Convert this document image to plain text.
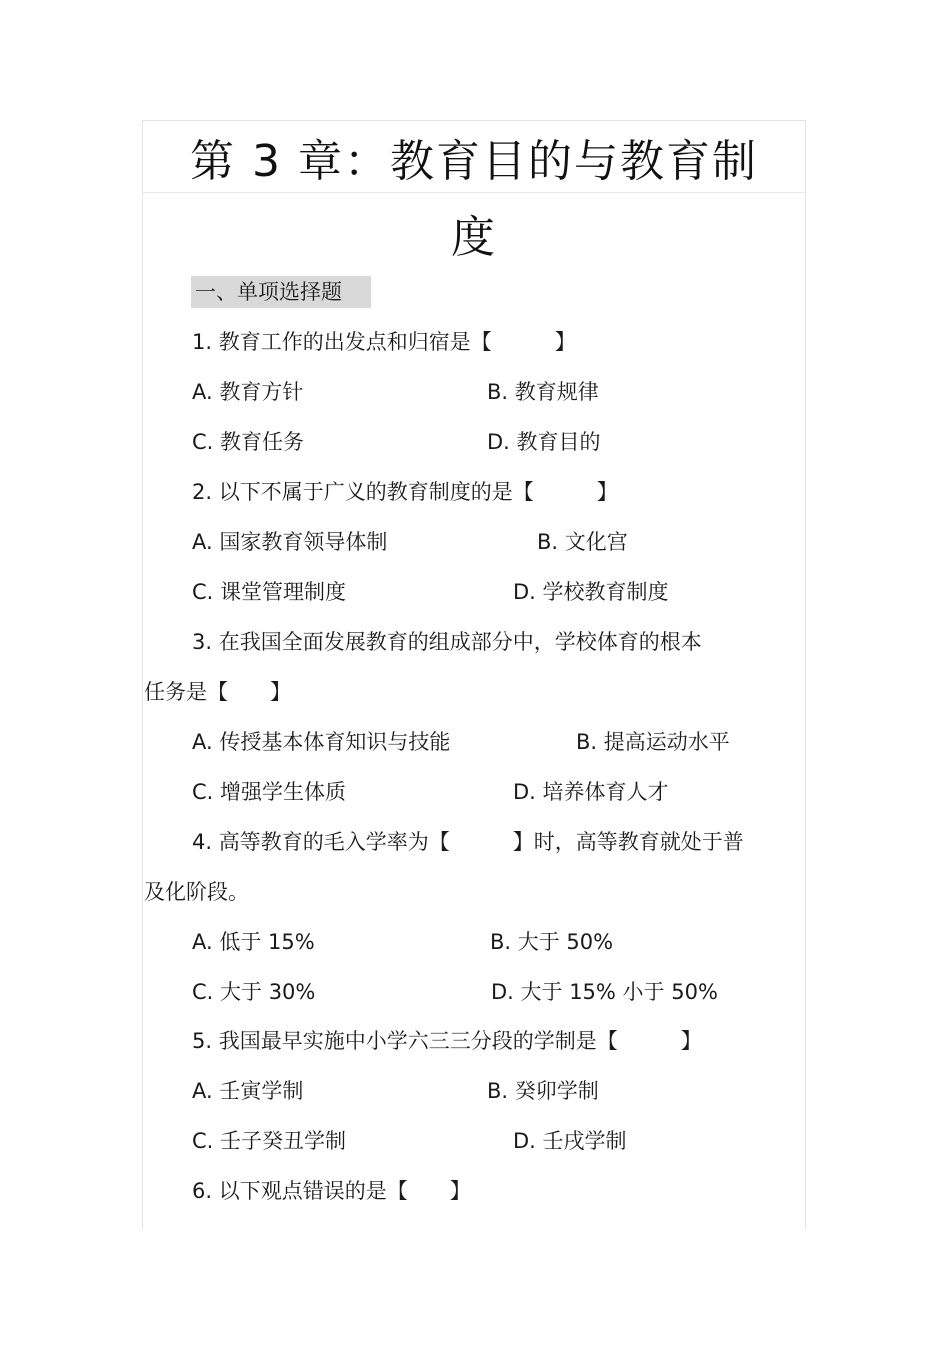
第 3 章：教育目的与教育制
度
一、单项选择题
1. 教育工作的出发点和归宿是【　　　】
A. 教育方针	B. 教育规律
C. 教育任务	D. 教育目的
2. 以下不属于广义的教育制度的是【　　　】
A. 国家教育领导体制	B. 文化宫
C. 课堂管理制度	D. 学校教育制度
3. 在我国全面发展教育的组成部分中，学校体育的根本
任务是【　　】
A. 传授基本体育知识与技能	B. 提高运动水平
C. 增强学生体质	D. 培养体育人才
4. 高等教育的毛入学率为【　　　】时，高等教育就处于普
及化阶段。
A. 低于 15%	B. 大于 50%
C. 大于 30%	D. 大于 15% 小于 50%
5. 我国最早实施中小学六三三分段的学制是【　　　】
A. 壬寅学制	B. 癸卯学制
C. 壬子癸丑学制	D. 壬戌学制
6. 以下观点错误的是【　　】
